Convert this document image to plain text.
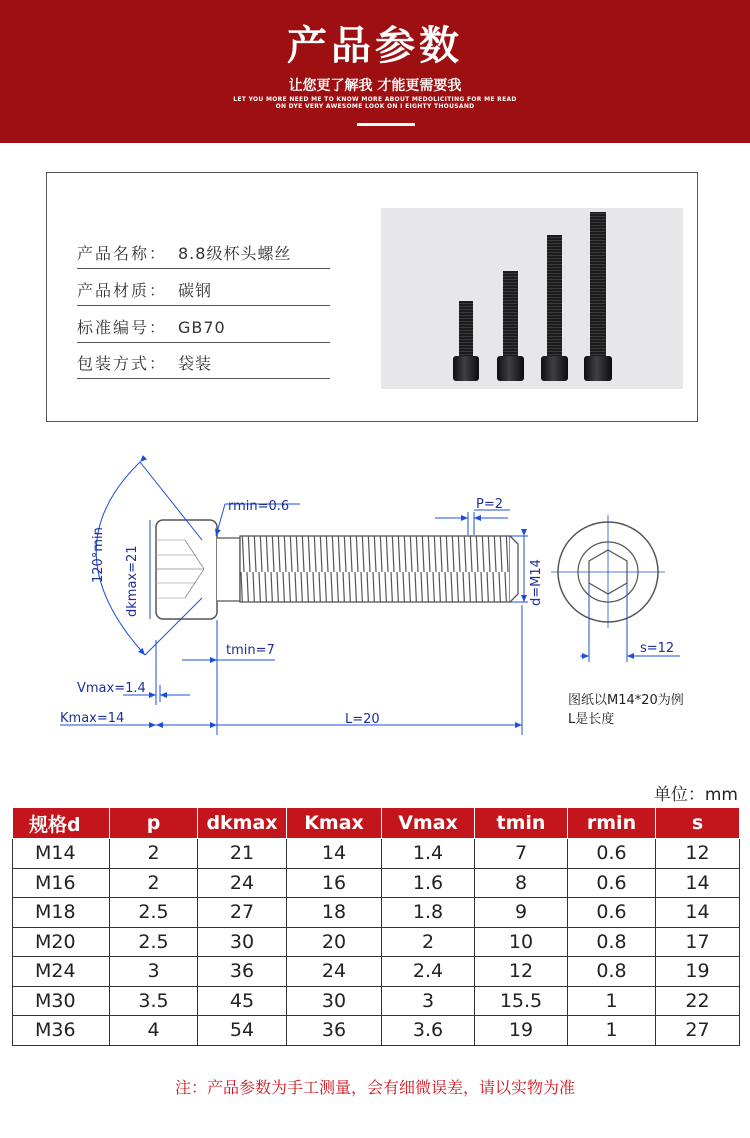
产品参数
让您更了解我 才能更需要我
LET YOU MORE NEED ME TO KNOW MORE ABOUT MEDOLICITING FOR ME READ
ON DYE VERY AWESOME LOOK ON I EIGHTY THOUSAND
产品名称： 8.8级杯头螺丝
产品材质： 碳钢
标准编号： GB70
包装方式： 袋装
120°min
rmin=0.6	P=2
dkmax=21	d=M14
tmin=7	s=12
Vmax=1.4
Kmax=14	L=20
图纸以M14*20为例
L是长度
单位：mm
规格d	p	dkmax	Kmax	Vmax	tmin	rmin	s
M14	2	21	14	1.4	7	0.6	12
M16	2	24	16	1.6	8	0.6	14
M18	2.5	27	18	1.8	9	0.6	14
M20	2.5	30	20	2	10	0.8	17
M24	3	36	24	2.4	12	0.8	19
M30	3.5	45	30	3	15.5	1	22
M36	4	54	36	3.6	19	1	27
注：产品参数为手工测量，会有细微误差，请以实物为准
